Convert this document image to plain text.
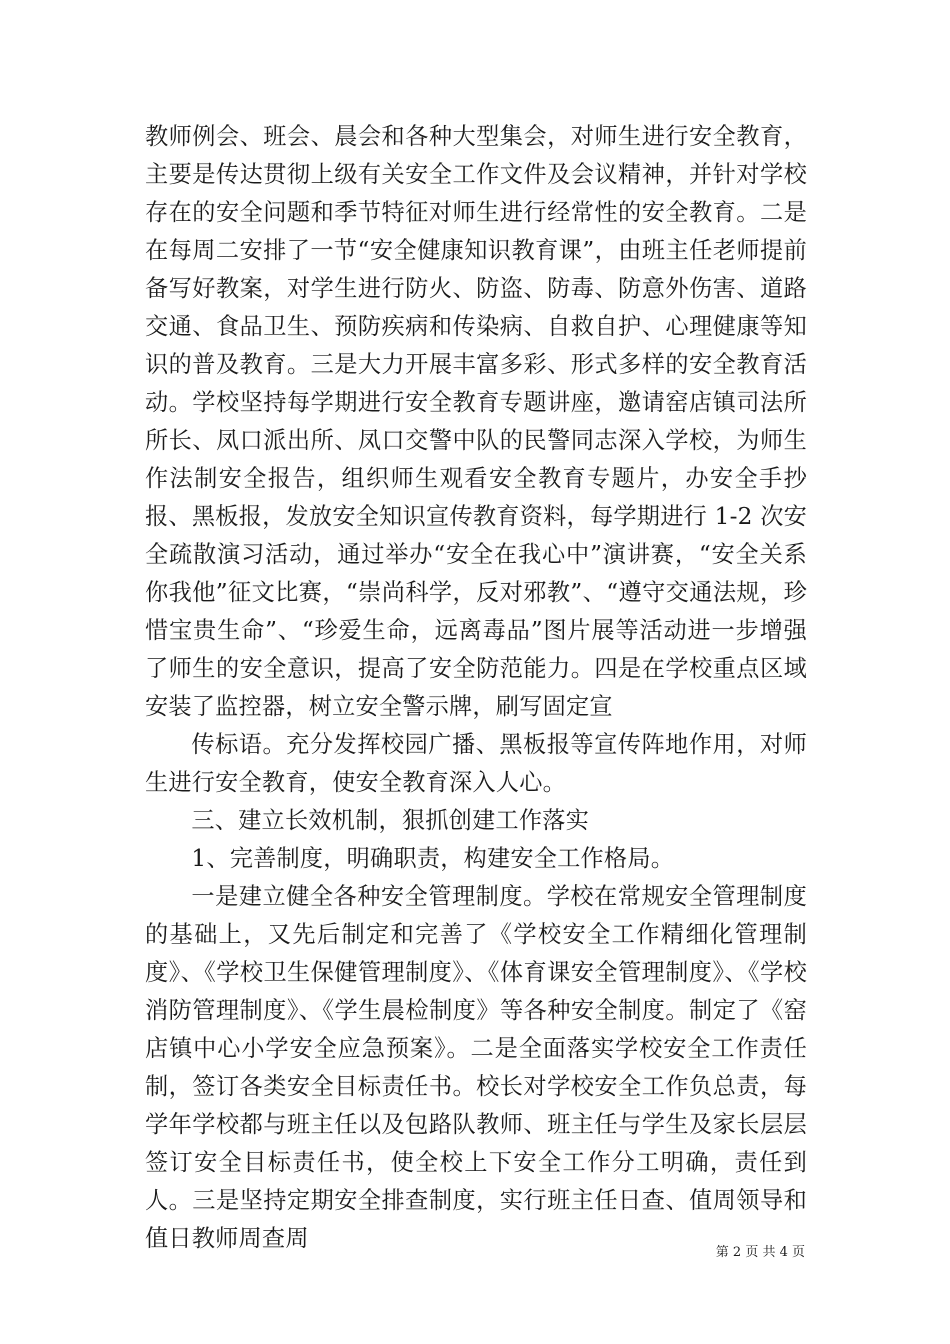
教师例会、班会、晨会和各种大型集会，对师生进行安全教育，主要是传达贯彻上级有关安全工作文件及会议精神，并针对学校存在的安全问题和季节特征对师生进行经常性的安全教育。二是在每周二安排了一节“安全健康知识教育课”，由班主任老师提前备写好教案，对学生进行防火、防盗、防毒、防意外伤害、道路交通、食品卫生、预防疾病和传染病、自救自护、心理健康等知识的普及教育。三是大力开展丰富多彩、形式多样的安全教育活动。学校坚持每学期进行安全教育专题讲座，邀请窑店镇司法所所长、凤口派出所、凤口交警中队的民警同志深入学校，为师生作法制安全报告，组织师生观看安全教育专题片，办安全手抄报、黑板报，发放安全知识宣传教育资料，每学期进行 1-2 次安全疏散演习活动，通过举办“安全在我心中”演讲赛，“安全关系你我他”征文比赛，“崇尚科学，反对邪教”、“遵守交通法规，珍惜宝贵生命”、“珍爱生命，远离毒品”图片展等活动进一步增强了师生的安全意识，提高了安全防范能力。四是在学校重点区域安装了监控器，树立安全警示牌，刷写固定宣

传标语。充分发挥校园广播、黑板报等宣传阵地作用，对师生进行安全教育，使安全教育深入人心。

三、建立长效机制，狠抓创建工作落实

1、完善制度，明确职责，构建安全工作格局。

一是建立健全各种安全管理制度。学校在常规安全管理制度的基础上，又先后制定和完善了《学校安全工作精细化管理制度》、《学校卫生保健管理制度》、《体育课安全管理制度》、《学校消防管理制度》、《学生晨检制度》等各种安全制度。制定了《窑店镇中心小学安全应急预案》。二是全面落实学校安全工作责任制，签订各类安全目标责任书。校长对学校安全工作负总责，每学年学校都与班主任以及包路队教师、班主任与学生及家长层层签订安全目标责任书，使全校上下安全工作分工明确，责任到人。三是坚持定期安全排查制度，实行班主任日查、值周领导和值日教师周查周

第 2 页 共 4 页
